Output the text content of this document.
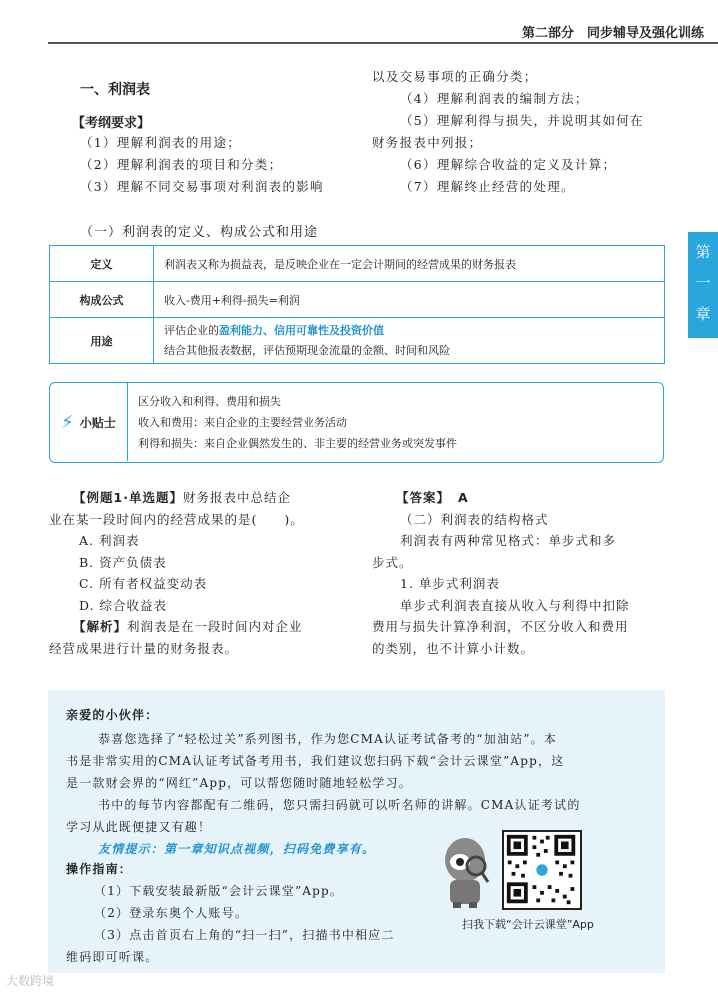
第二部分　同步辅导及强化训练
第
一
章
一、利润表
【考纲要求】
（1）理解利润表的用途；
（2）理解利润表的项目和分类；
（3）理解不同交易事项对利润表的影响
以及交易事项的正确分类；
（4）理解利润表的编制方法；
（5）理解利得与损失，并说明其如何在
财务报表中列报；
（6）理解综合收益的定义及计算；
（7）理解终止经营的处理。
（一）利润表的定义、构成公式和用途
定义	利润表又称为损益表，是反映企业在一定会计期间的经营成果的财务报表
构成公式	收入-费用+利得-损失=利润
用途	评估企业的盈利能力、信用可靠性及投资价值
结合其他报表数据，评估预期现金流量的金额、时间和风险
⚡ 小贴士
区分收入和利得、费用和损失
收入和费用：来自企业的主要经营业务活动
利得和损失：来自企业偶然发生的、非主要的经营业务或突发事件
【例题1·单选题】财务报表中总结企
业在某一段时间内的经营成果的是(　　)。
A. 利润表
B. 资产负债表
C. 所有者权益变动表
D. 综合收益表
【解析】利润表是在一段时间内对企业
经营成果进行计量的财务报表。
【答案】 A
（二）利润表的结构格式
利润表有两种常见格式：单步式和多
步式。
1. 单步式利润表
单步式利润表直接从收入与利得中扣除
费用与损失计算净利润，不区分收入和费用
的类别，也不计算小计数。
亲爱的小伙伴：
恭喜您选择了“轻松过关”系列图书，作为您CMA认证考试备考的“加油站”。本
书是非常实用的CMA认证考试备考用书，我们建议您扫码下载“会计云课堂”App，这
是一款财会界的“网红”App，可以帮您随时随地轻松学习。
书中的每节内容都配有二维码，您只需扫码就可以听名师的讲解。CMA认证考试的
学习从此既便捷又有趣！
友情提示：第一章知识点视频，扫码免费享有。
操作指南：
（1）下载安装最新版“会计云课堂”App。
（2）登录东奥个人账号。
（3）点击首页右上角的“扫一扫”，扫描书中相应二
维码即可听课。
扫我下载“会计云课堂”App
大数跨境
